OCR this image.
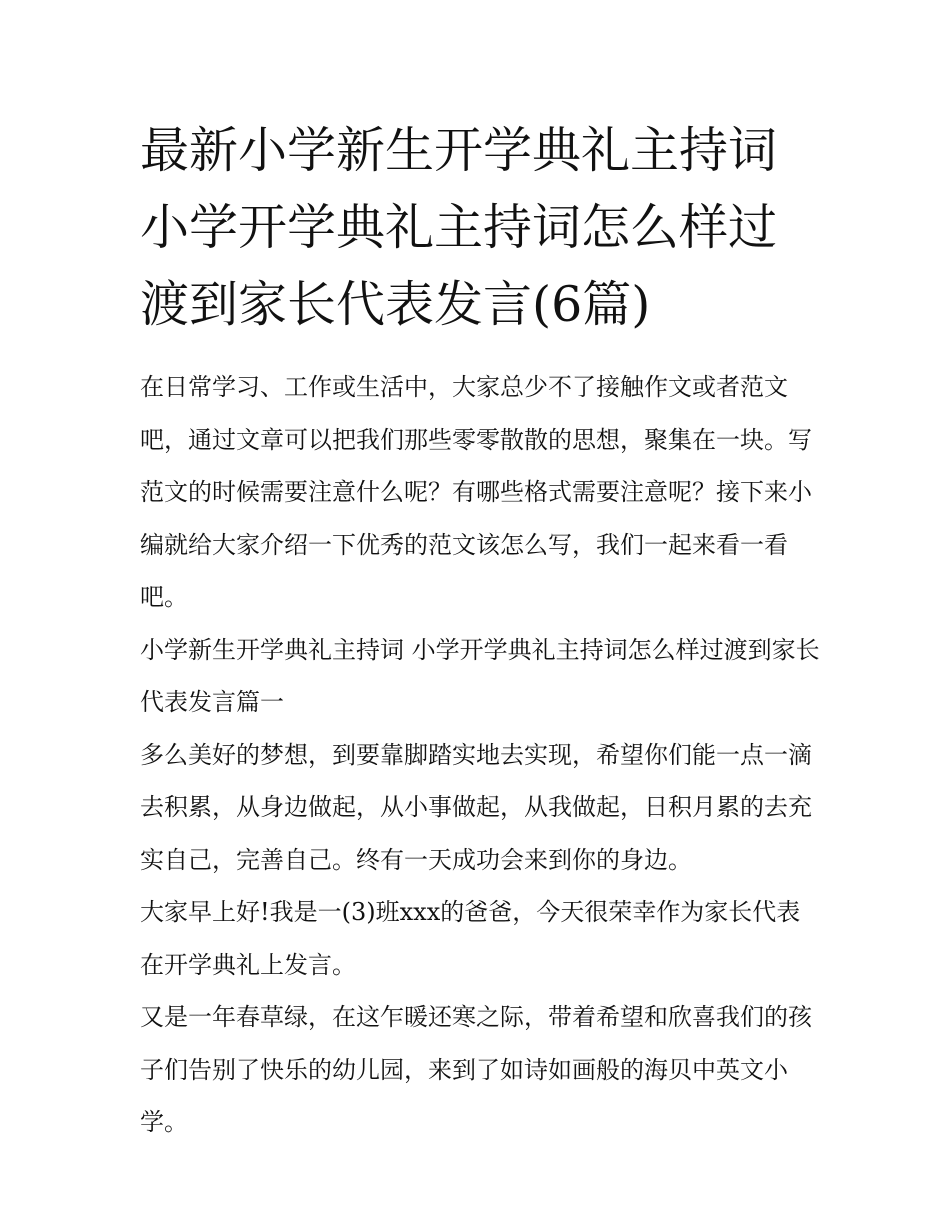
最新小学新生开学典礼主持词 小学开学典礼主持词怎么样过渡到家长代表发言(6篇)

在日常学习、工作或生活中，大家总少不了接触作文或者范文吧，通过文章可以把我们那些零零散散的思想，聚集在一块。写范文的时候需要注意什么呢？有哪些格式需要注意呢？接下来小编就给大家介绍一下优秀的范文该怎么写，我们一起来看一看吧。

小学新生开学典礼主持词 小学开学典礼主持词怎么样过渡到家长代表发言篇一

多么美好的梦想，到要靠脚踏实地去实现，希望你们能一点一滴去积累，从身边做起，从小事做起，从我做起，日积月累的去充实自己，完善自己。终有一天成功会来到你的身边。

大家早上好!我是一(3)班xxx的爸爸，今天很荣幸作为家长代表在开学典礼上发言。

又是一年春草绿，在这乍暖还寒之际，带着希望和欣喜我们的孩子们告别了快乐的幼儿园，来到了如诗如画般的海贝中英文小学。
